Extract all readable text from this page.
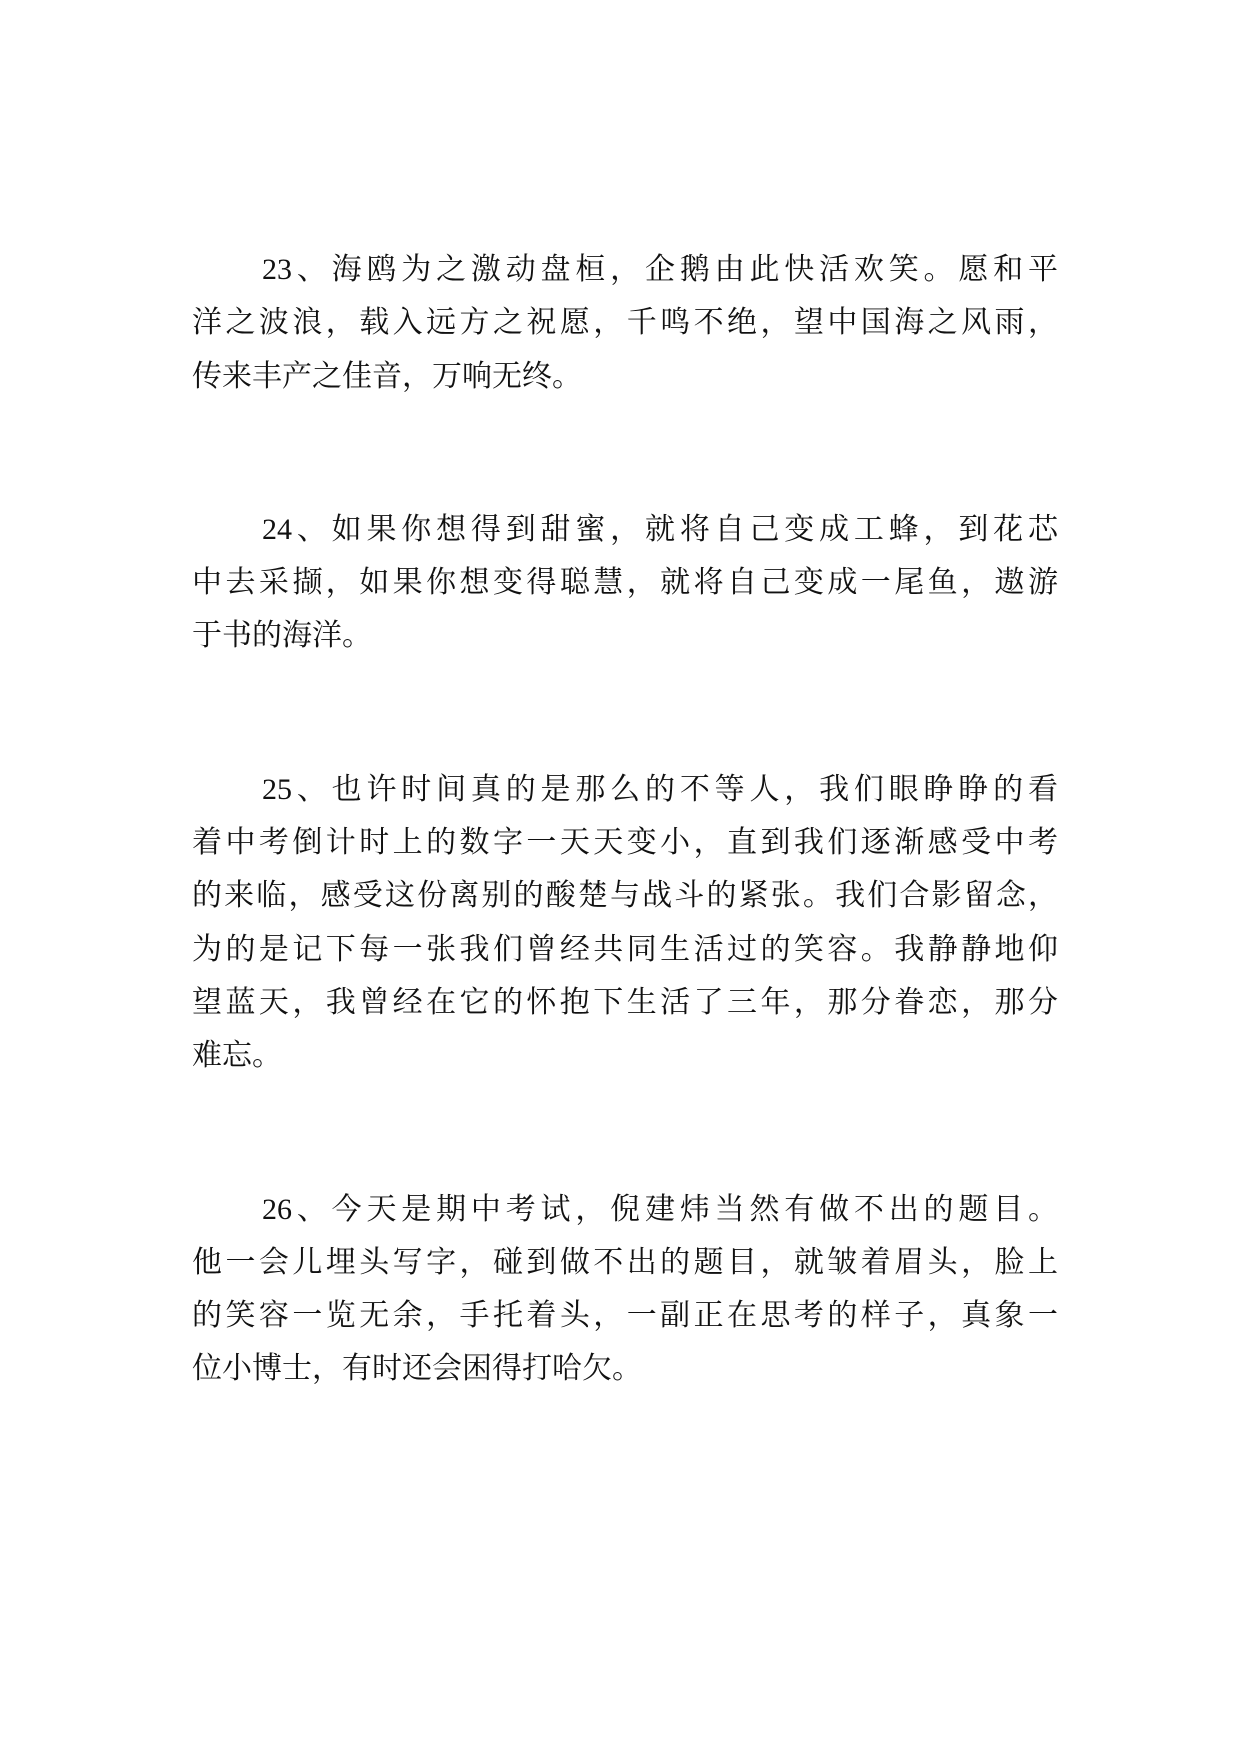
23、海鸥为之激动盘桓，企鹅由此快活欢笑。愿和平
洋之波浪，载入远方之祝愿，千鸣不绝，望中国海之风雨，
传来丰产之佳音，万响无终。
24、如果你想得到甜蜜，就将自己变成工蜂，到花芯
中去采撷，如果你想变得聪慧，就将自己变成一尾鱼，遨游
于书的海洋。
25、也许时间真的是那么的不等人，我们眼睁睁的看
着中考倒计时上的数字一天天变小，直到我们逐渐感受中考
的来临，感受这份离别的酸楚与战斗的紧张。我们合影留念，
为的是记下每一张我们曾经共同生活过的笑容。我静静地仰
望蓝天，我曾经在它的怀抱下生活了三年，那分眷恋，那分
难忘。
26、今天是期中考试，倪建炜当然有做不出的题目。
他一会儿埋头写字，碰到做不出的题目，就皱着眉头，脸上
的笑容一览无余，手托着头，一副正在思考的样子，真象一
位小博士，有时还会困得打哈欠。
